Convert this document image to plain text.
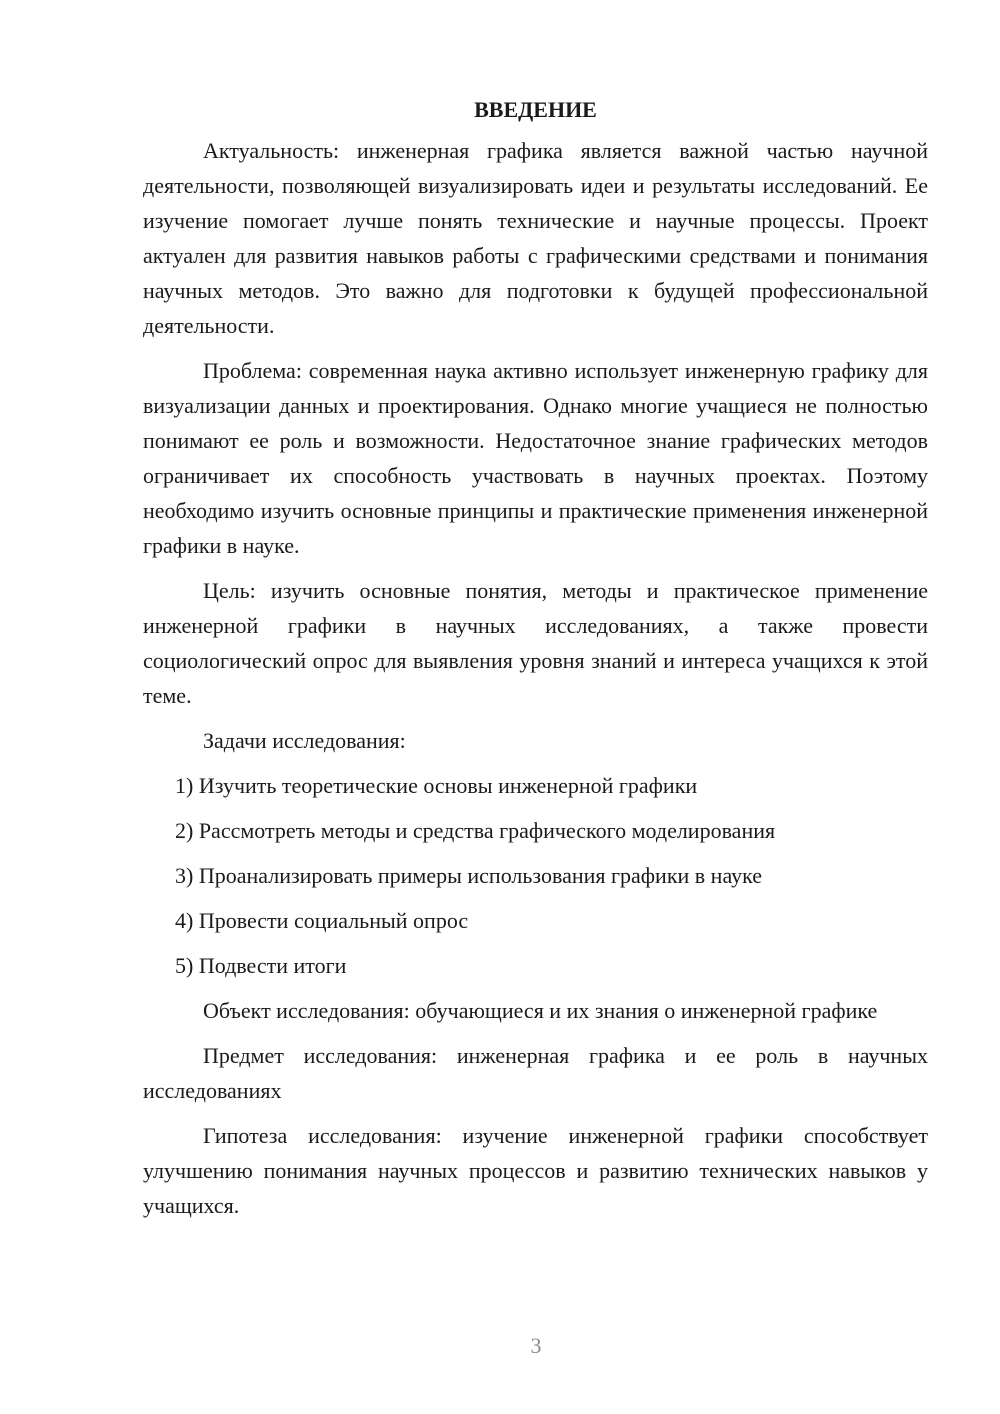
ВВЕДЕНИЕ

Актуальность: инженерная графика является важной частью научной деятельности, позволяющей визуализировать идеи и результаты исследований. Ее изучение помогает лучше понять технические и научные процессы. Проект актуален для развития навыков работы с графическими средствами и понимания научных методов. Это важно для подготовки к будущей профессиональной деятельности.

Проблема: современная наука активно использует инженерную графику для визуализации данных и проектирования. Однако многие учащиеся не полностью понимают ее роль и возможности. Недостаточное знание графических методов ограничивает их способность участвовать в научных проектах. Поэтому необходимо изучить основные принципы и практические применения инженерной графики в науке.

Цель: изучить основные понятия, методы и практическое применение инженерной графики в научных исследованиях, а также провести социологический опрос для выявления уровня знаний и интереса учащихся к этой теме.

Задачи исследования:

1) Изучить теоретические основы инженерной графики
2) Рассмотреть методы и средства графического моделирования
3) Проанализировать примеры использования графики в науке
4) Провести социальный опрос
5) Подвести итоги

Объект исследования: обучающиеся и их знания о инженерной графике

Предмет исследования: инженерная графика и ее роль в научных исследованиях

Гипотеза исследования: изучение инженерной графики способствует улучшению понимания научных процессов и развитию технических навыков у учащихся.

3
